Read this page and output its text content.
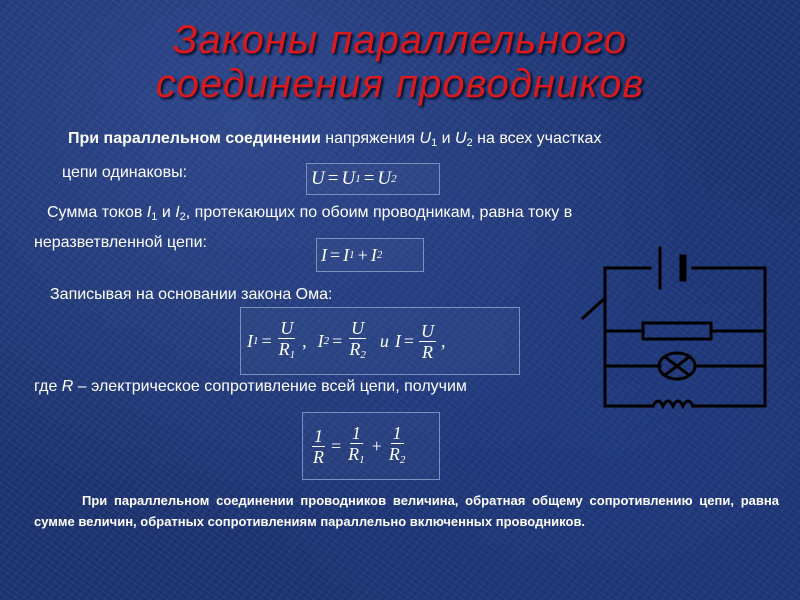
Законы параллельного
соединения проводников
При параллельном соединении напряжения $U_1$ и $U_2$ на всех участках
цепи одинаковы:	U = U 1 = U 2
Сумма токов $I_1$ и $I_2$, протекающих по обоим проводникам, равна току в
неразветвленной цепи:
I = I 1 + I 2
Записывая на основании закона Ома:
I $1 = \frac{U}{R_1}$ , I $2 = \frac{U}{R_2}$ и $I = \frac{U}{R}$ ,
где R – электрическое сопротивление всей цепи, получим
$\frac{1}{R} = \frac{1}{R_1} + \frac{1}{R_2}$
При параллельном соединении проводников величина, обратная общему сопротивлению цепи, равна сумме величин, обратных сопротивлениям параллельно включенных проводников.
